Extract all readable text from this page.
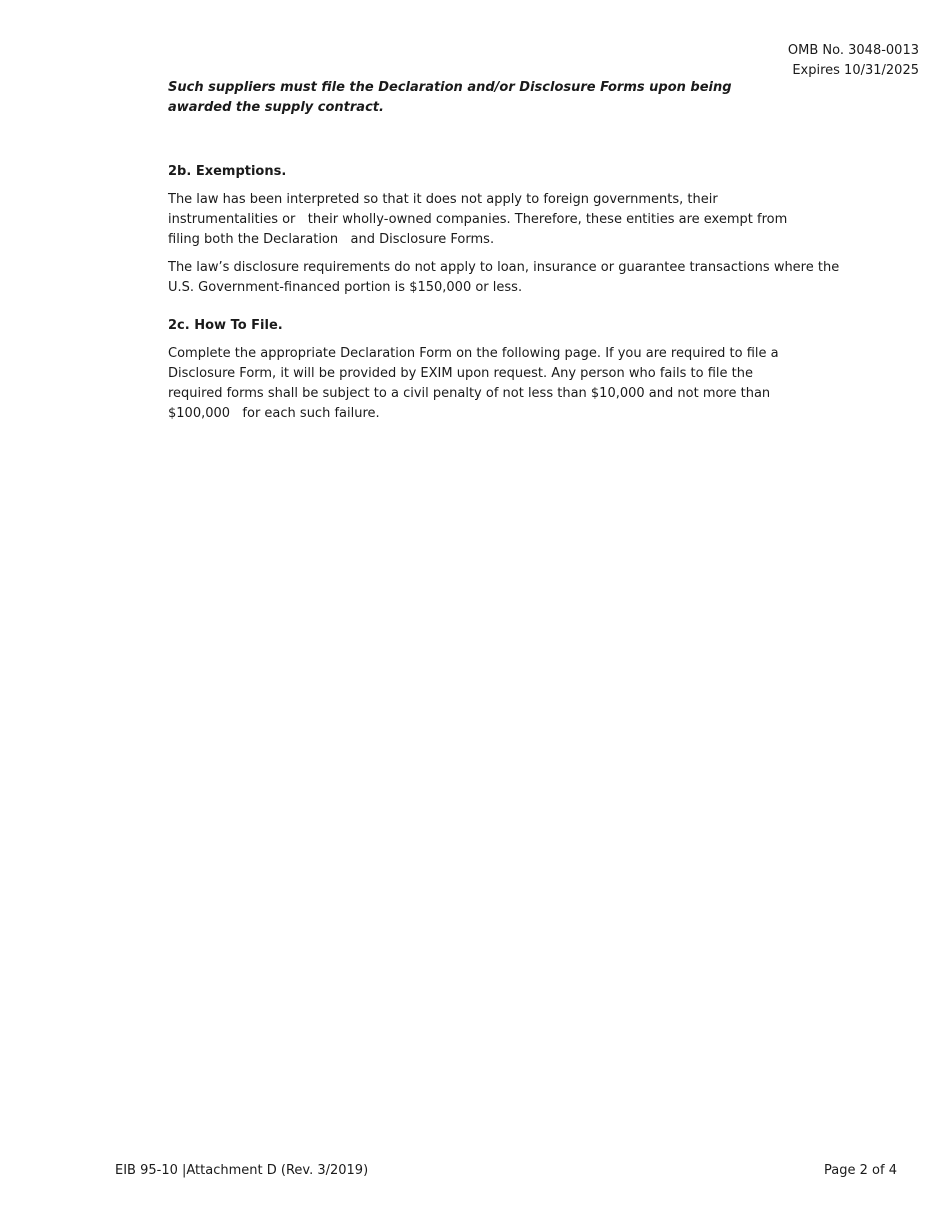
OMB No. 3048-0013
Expires 10/31/2025

Such suppliers must file the Declaration and/or Disclosure Forms upon being awarded the supply contract.

2b. Exemptions.

The law has been interpreted so that it does not apply to foreign governments, their instrumentalities or   their wholly-owned companies. Therefore, these entities are exempt from filing both the Declaration   and Disclosure Forms.

The law’s disclosure requirements do not apply to loan, insurance or guarantee transactions where the U.S. Government-financed portion is $150,000 or less.

2c. How To File.

Complete the appropriate Declaration Form on the following page. If you are required to file a   Disclosure Form, it will be provided by EXIM upon request. Any person who fails to file the   required forms shall be subject to a civil penalty of not less than $10,000 and not more than $100,000   for each such failure.

EIB 95-10 |Attachment D (Rev. 3/2019)	Page 2 of 4
